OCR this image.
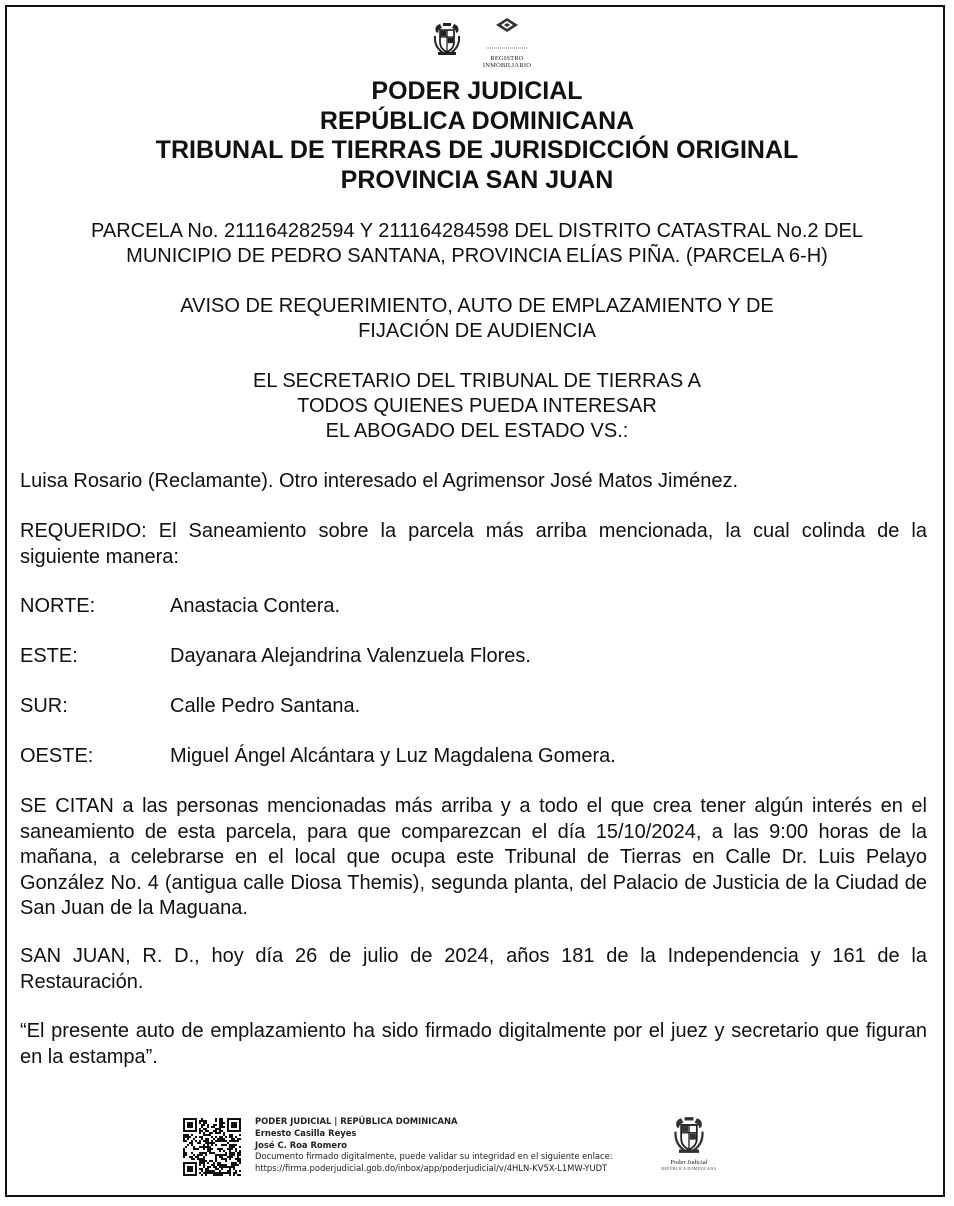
REGISTRO
INMOBILIARIO
PODER JUDICIAL
REPÚBLICA DOMINICANA
TRIBUNAL DE TIERRAS DE JURISDICCIÓN ORIGINAL
PROVINCIA SAN JUAN
PARCELA No. 211164282594 Y 211164284598 DEL DISTRITO CATASTRAL No.2 DEL
MUNICIPIO DE PEDRO SANTANA, PROVINCIA ELÍAS PIÑA. (PARCELA 6-H)
AVISO DE REQUERIMIENTO, AUTO DE EMPLAZAMIENTO Y DE
FIJACIÓN DE AUDIENCIA
EL SECRETARIO DEL TRIBUNAL DE TIERRAS A
TODOS QUIENES PUEDA INTERESAR
EL ABOGADO DEL ESTADO VS.:
Luisa Rosario (Reclamante). Otro interesado el Agrimensor José Matos Jiménez.
REQUERIDO: El Saneamiento sobre la parcela más arriba mencionada, la cual colinda de la siguiente manera:
NORTE:	Anastacia Contera.
ESTE:	Dayanara Alejandrina Valenzuela Flores.
SUR:	Calle Pedro Santana.
OESTE:	Miguel Ángel Alcántara y Luz Magdalena Gomera.
SE CITAN a las personas mencionadas más arriba y a todo el que crea tener algún interés en el saneamiento de esta parcela, para que comparezcan el día 15/10/2024, a las 9:00 horas de la mañana, a celebrarse en el local que ocupa este Tribunal de Tierras en Calle Dr. Luis Pelayo González No. 4 (antigua calle Diosa Themis), segunda planta, del Palacio de Justicia de la Ciudad de San Juan de la Maguana.
SAN JUAN, R. D., hoy día 26 de julio de 2024, años 181 de la Independencia y 161 de la Restauración.
“El presente auto de emplazamiento ha sido firmado digitalmente por el juez y secretario que figuran en la estampa”.
PODER JUDICIAL | REPÚBLICA DOMINICANA
Ernesto Casilla Reyes
José C. Roa Romero
Documento firmado digitalmente, puede validar su integridad en el siguiente enlace:
https://firma.poderjudicial.gob.do/inbox/app/poderjudicial/v/4HLN-KV5X-L1MW-YUDT
Poder Judicial
REPÚBLICA DOMINICANA
